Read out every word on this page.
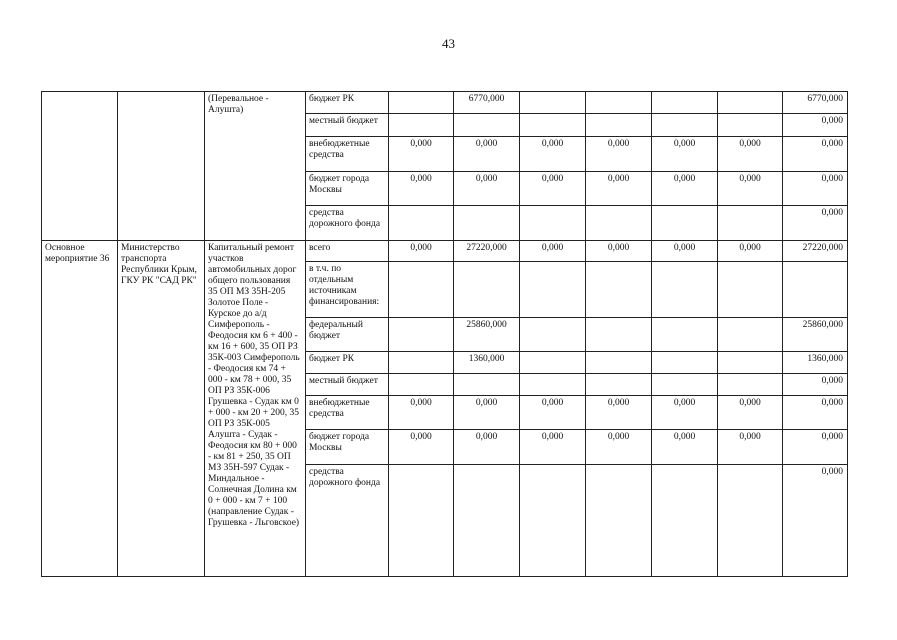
43
		(Перевальное - Алушта)	бюджет РК		6770,000					6770,000
			местный бюджет							0,000
			внебюджетные средства	0,000	0,000	0,000	0,000	0,000	0,000	0,000
			бюджет города Москвы	0,000	0,000	0,000	0,000	0,000	0,000	0,000
			средства дорожного фонда							0,000
Основное мероприятие 36	Министерство транспорта Республики Крым, ГКУ РК "САД РК"	Капитальный ремонт участков автомобильных дорог общего пользования 35 ОП МЗ 35Н-205 Золотое Поле - Курское до а/д Симферополь - Феодосия км 6 + 400 - км 16 + 600, 35 ОП РЗ 35К-003 Симферополь - Феодосия км 74 + 000 - км 78 + 000, 35 ОП РЗ 35К-006 Грушевка - Судак км 0 + 000 - км 20 + 200, 35 ОП РЗ 35К-005 Алушта - Судак - Феодосия км 80 + 000 - км 81 + 250, 35 ОП МЗ 35Н-597 Судак - Миндальное - Солнечная Долина км 0 + 000 - км 7 + 100 (направление Судак - Грушевка - Льговское)	всего	0,000	27220,000	0,000	0,000	0,000	0,000	27220,000
			в т.ч. по отдельным источникам финансирования:							
			федеральный бюджет		25860,000					25860,000
			бюджет РК		1360,000					1360,000
			местный бюджет							0,000
			внебюджетные средства	0,000	0,000	0,000	0,000	0,000	0,000	0,000
			бюджет города Москвы	0,000	0,000	0,000	0,000	0,000	0,000	0,000
			средства дорожного фонда							0,000
